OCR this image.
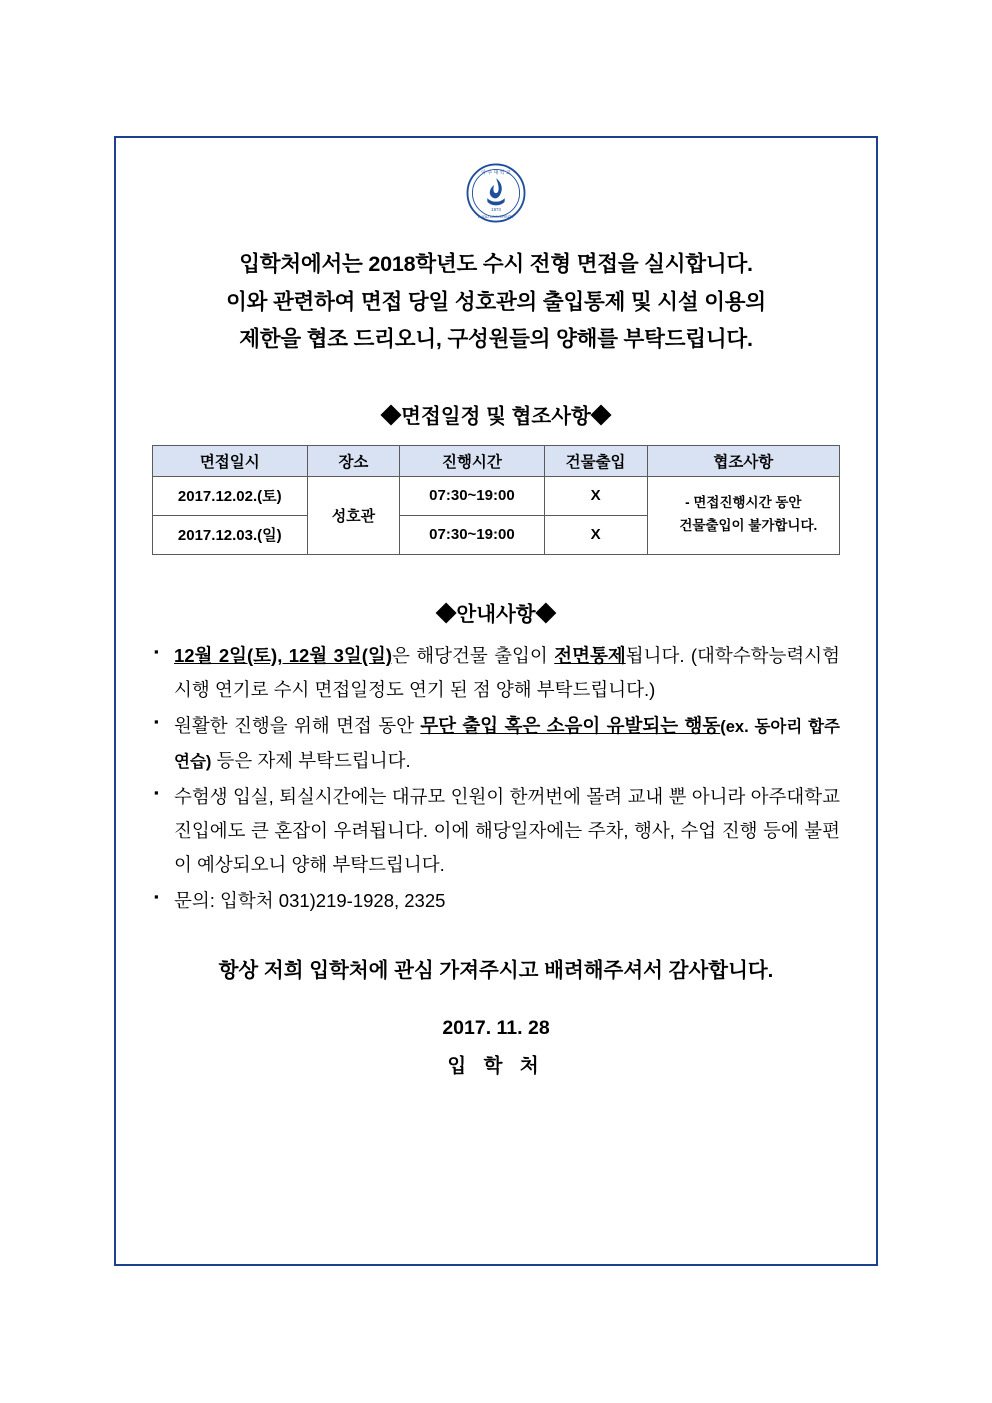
아 주 대 학 교
1973
AJOU UNIVERSITY
입학처에서는 2018학년도 수시 전형 면접을 실시합니다.
이와 관련하여 면접 당일 성호관의 출입통제 및 시설 이용의
제한을 협조 드리오니, 구성원들의 양해를 부탁드립니다.
◆면접일정 및 협조사항◆
면접일시	장소	진행시간	건물출입	협조사항
2017.12.02.(토)	성호관	07:30~19:00	X	- 면접진행시간 동안
건물출입이 불가합니다.

2017.12.03.(일)		07:30~19:00	X	
◆안내사항◆
▪ 12월 2일(토), 12월 3일(일)은 해당건물 출입이 전면통제됩니다. (대학수학능력시험 시행 연기로 수시 면접일정도 연기 된 점 양해 부탁드립니다.)
▪ 원활한 진행을 위해 면접 동안 무단 출입 혹은 소음이 유발되는 행동(ex. 동아리 합주 연습) 등은 자제 부탁드립니다.
▪ 수험생 입실, 퇴실시간에는 대규모 인원이 한꺼번에 몰려 교내 뿐 아니라 아주대학교 진입에도 큰 혼잡이 우려됩니다. 이에 해당일자에는 주차, 행사, 수업 진행 등에 불편이 예상되오니 양해 부탁드립니다.
▪ 문의: 입학처 031)219-1928, 2325
항상 저희 입학처에 관심 가져주시고 배려해주셔서 감사합니다.
2017. 11. 28
입 학 처
